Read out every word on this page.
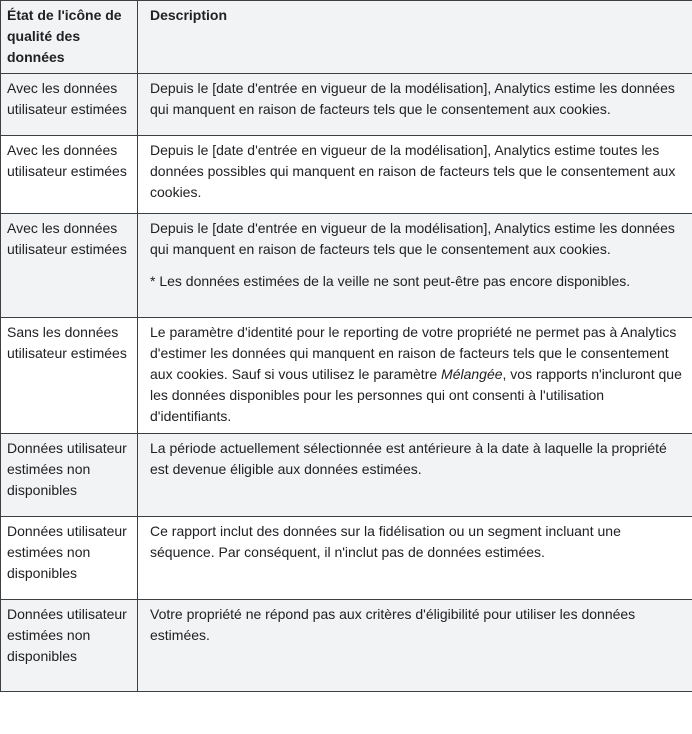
État de l'icône de qualité des données	Description
Avec les données utilisateur estimées	Depuis le [date d'entrée en vigueur de la modélisation], Analytics estime les données qui manquent en raison de facteurs tels que le consentement aux cookies.
Avec les données utilisateur estimées	Depuis le [date d'entrée en vigueur de la modélisation], Analytics estime toutes les données possibles qui manquent en raison de facteurs tels que le consentement aux cookies.
Avec les données utilisateur estimées	Depuis le [date d'entrée en vigueur de la modélisation], Analytics estime les données qui manquent en raison de facteurs tels que le consentement aux cookies.

* Les données estimées de la veille ne sont peut-être pas encore disponibles.

Sans les données utilisateur estimées	Le paramètre d'identité pour le reporting de votre propriété ne permet pas à Analytics d'estimer les données qui manquent en raison de facteurs tels que le consentement aux cookies. Sauf si vous utilisez le paramètre Mélangée, vos rapports n'incluront que les données disponibles pour les personnes qui ont consenti à l'utilisation d'identifiants.
Données utilisateur estimées non disponibles	La période actuellement sélectionnée est antérieure à la date à laquelle la propriété est devenue éligible aux données estimées.
Données utilisateur estimées non disponibles	Ce rapport inclut des données sur la fidélisation ou un segment incluant une séquence. Par conséquent, il n'inclut pas de données estimées.
Données utilisateur estimées non disponibles	Votre propriété ne répond pas aux critères d'éligibilité pour utiliser les données estimées.
